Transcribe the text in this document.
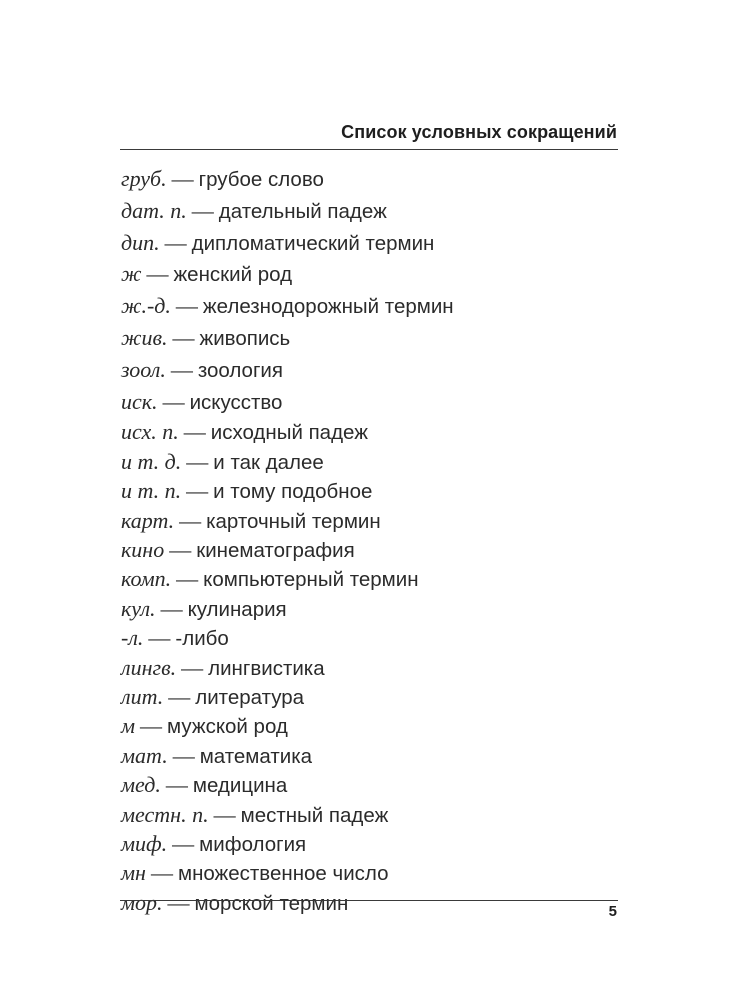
Список условных сокращений
груб. — грубое слово
дат. п. — дательный падеж
дип. — дипломатический термин
ж — женский род
ж.-д. — железнодорожный термин
жив. — живопись
зоол. — зоология
иск. — искусство
исх. п. — исходный падеж
и т. д. — и так далее
и т. п. — и тому подобное
карт. — карточный термин
кино — кинематография
комп. — компьютерный термин
кул. — кулинария
-л. — -либо
лингв. — лингвистика
лит. — литература
м — мужской род
мат. — математика
мед. — медицина
местн. п. — местный падеж
миф. — мифология
мн — множественное число
мор. — морской термин	5
